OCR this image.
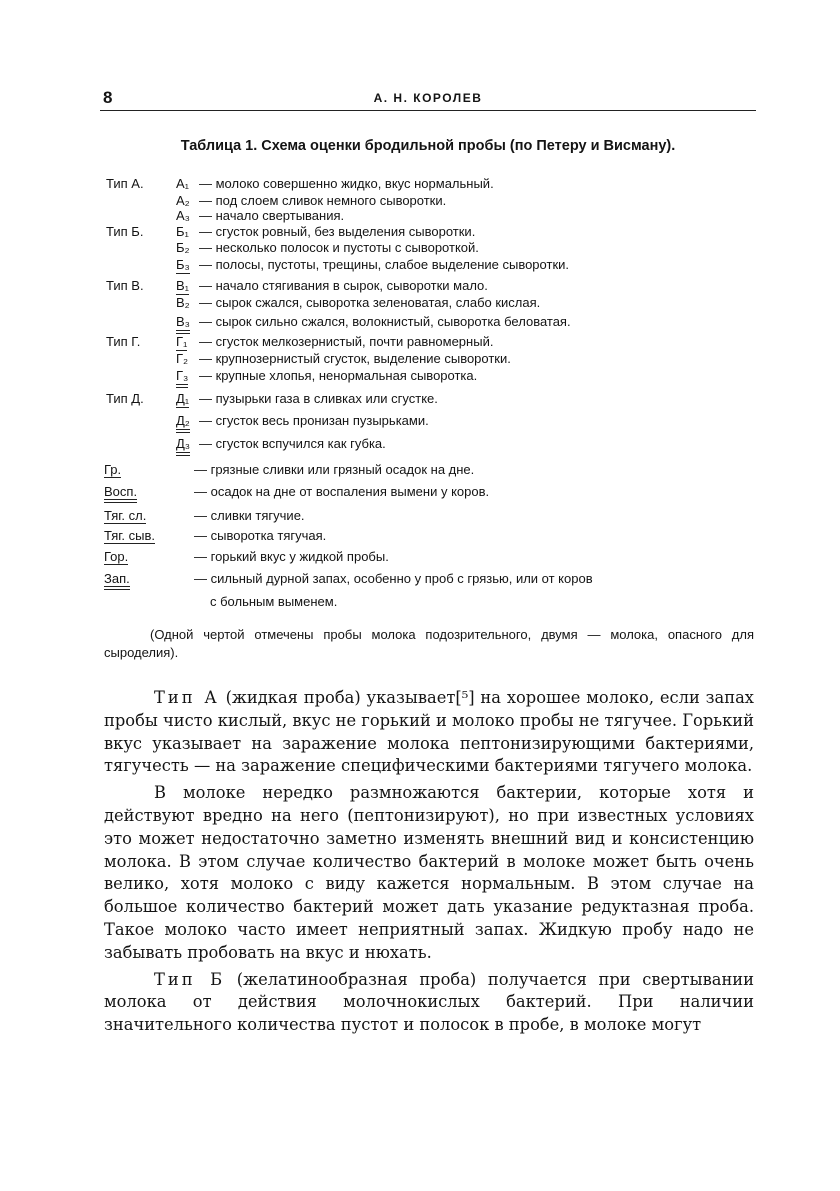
8	А. Н. КОРОЛЕВ
Таблица 1. Схема оценки бродильной пробы (по Петеру и Висману).
Тип А. А₁ — молоко совершенно жидко, вкус нормальный.
А₂ — под слоем сливок немного сыворотки.
А₃ — начало свертывания.
Тип Б.	Б₁ — сгусток ровный, без выделения сыворотки.
Б₂ — несколько полосок и пустоты с сывороткой.
Б₃ — полосы, пустоты, трещины, слабое выделение сыворотки.
Тип В. В₁ — начало стягивания в сырок, сыворотки мало.
В₂ — сырок сжался, сыворотка зеленоватая, слабо кислая.
В₃ — сырок сильно сжался, волокнистый, сыворотка беловатая.
Тип Г.	Г₁ — сгусток мелкозернистый, почти равномерный.
Г₂ — крупнозернистый сгусток, выделение сыворотки.
Г₃ — крупные хлопья, ненормальная сыворотка.
Тип Д. Д₁ — пузырьки газа в сливках или сгустке.
Д₂ — сгусток весь пронизан пузырьками.
Д₃ — сгусток вспучился как губка.
Гр.	— грязные сливки или грязный осадок на дне.
Восп.	— осадок на дне от воспаления вымени у коров.
Тяг. сл.	— сливки тягучие.
Тяг. сыв.	— сыворотка тягучая.
Гор.	— горький вкус у жидкой пробы.
Зап.	— сильный дурной запах, особенно у проб с грязью, или от коров
с больным выменем.
(Одной чертой отмечены пробы молока подозрительного, двумя — молока, опасного для сыроделия).

Тип А (жидкая проба) указывает[⁵] на хорошее молоко, если запах пробы чисто кислый, вкус не горький и молоко пробы не тягучее. Горький вкус указывает на заражение молока пептонизирующими бактериями, тягучесть — на заражение специфическими бактериями тягучего молока.

В молоке нередко размножаются бактерии, которые хотя и действуют вредно на него (пептонизируют), но при известных условиях это может недостаточно заметно изменять внешний вид и консистенцию молока. В этом случае количество бактерий в молоке может быть очень велико, хотя молоко с виду кажется нормальным. В этом случае на большое количество бактерий может дать указание редуктазная проба. Такое молоко часто имеет неприятный запах. Жидкую пробу надо не забывать пробовать на вкус и нюхать.

Тип Б (желатинообразная проба) получается при свертывании молока от действия молочнокислых бактерий. При наличии значительного количества пустот и полосок в пробе, в молоке могут
